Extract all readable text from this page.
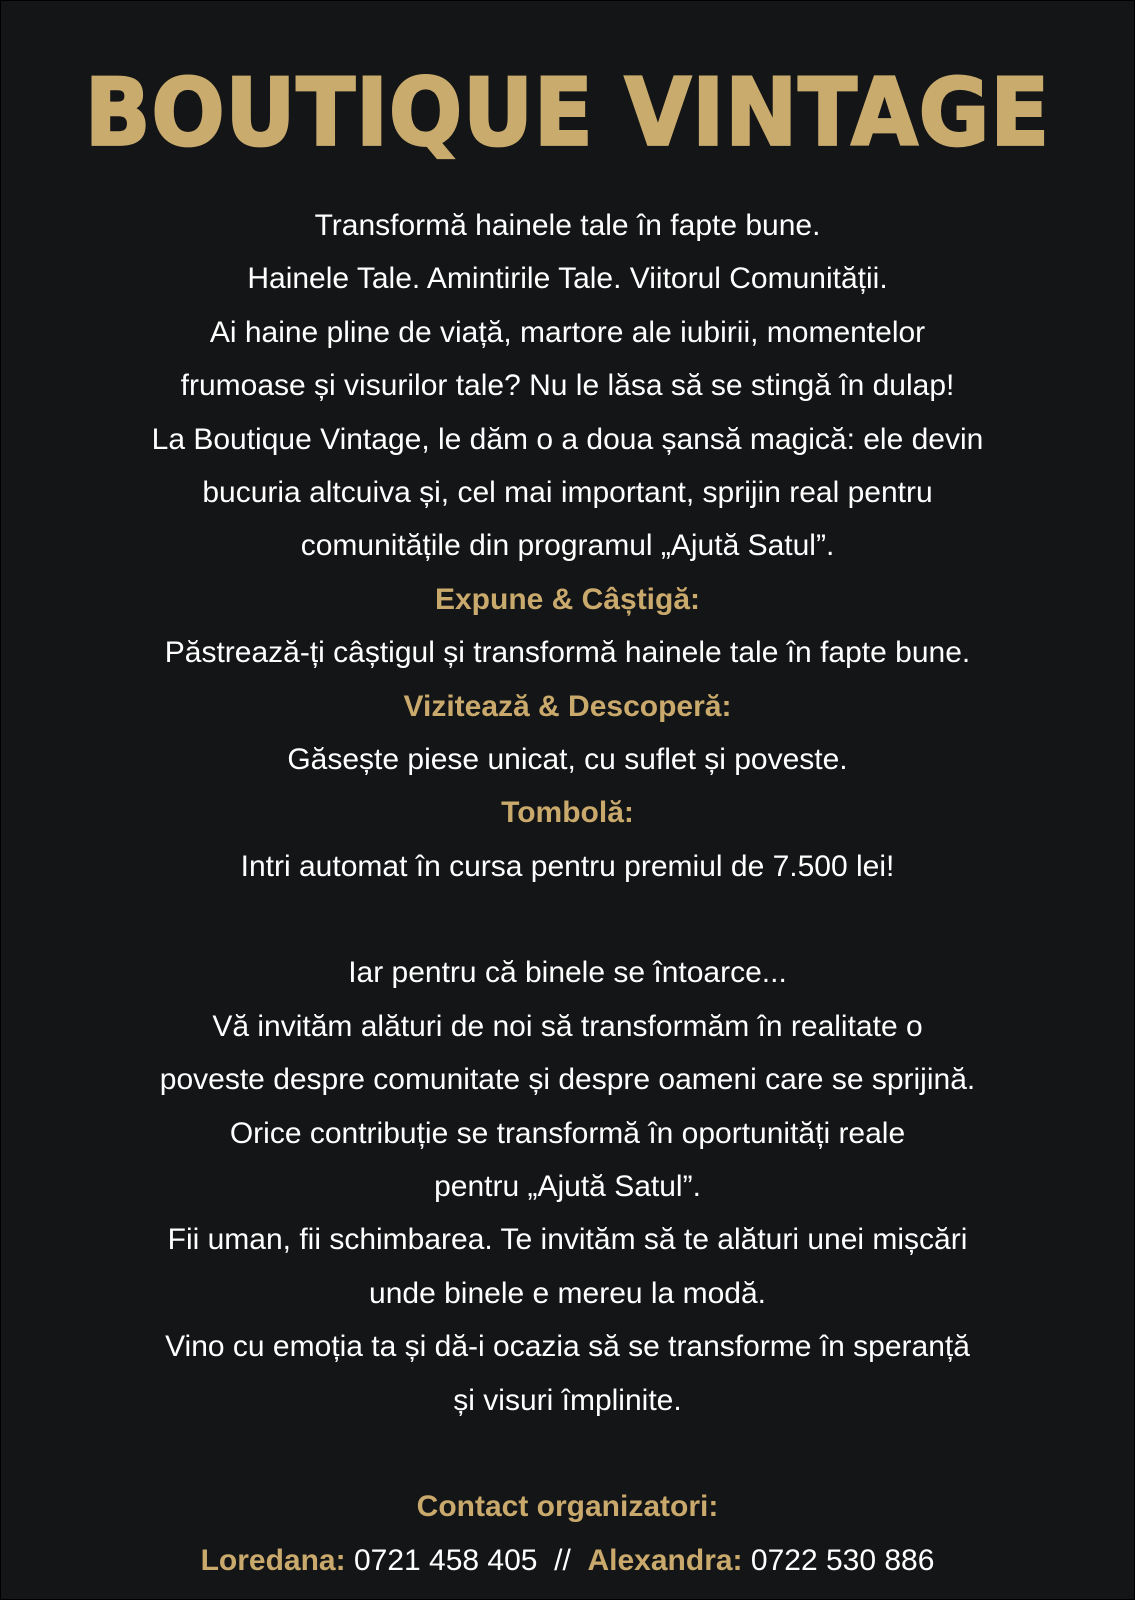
BOUTIQUE VINTAGE
Transformă hainele tale în fapte bune.
Hainele Tale. Amintirile Tale. Viitorul Comunității.
Ai haine pline de viață, martore ale iubirii, momentelor
frumoase și visurilor tale? Nu le lăsa să se stingă în dulap!
La Boutique Vintage, le dăm o a doua șansă magică: ele devin
bucuria altcuiva și, cel mai important, sprijin real pentru
comunitățile din programul „Ajută Satul”.
Expune & Câștigă:
Păstrează-ți câștigul și transformă hainele tale în fapte bune.
Vizitează & Descoperă:
Găsește piese unicat, cu suflet și poveste.
Tombolă:
Intri automat în cursa pentru premiul de 7.500 lei!
Iar pentru că binele se întoarce...
Vă invităm alături de noi să transformăm în realitate o
poveste despre comunitate și despre oameni care se sprijină.
Orice contribuție se transformă în oportunități reale
pentru „Ajută Satul”.
Fii uman, fii schimbarea. Te invităm să te alături unei mișcări
unde binele e mereu la modă.
Vino cu emoția ta și dă-i ocazia să se transforme în speranță
și visuri împlinite.
Contact organizatori:
Loredana: 0721 458 405 // Alexandra: 0722 530 886
